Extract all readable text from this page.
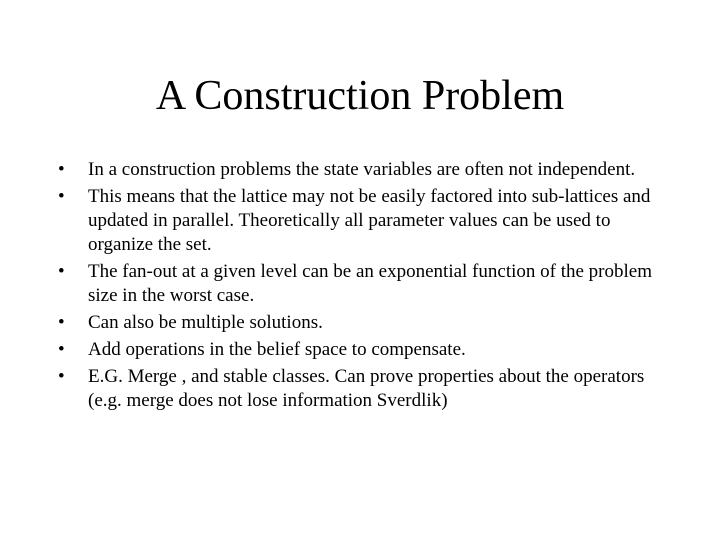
A Construction Problem
•	In a construction problems the state variables are often not independent.
•	This means that the lattice may not be easily factored into sub-lattices and updated in parallel. Theoretically all parameter values can be used to organize the set.
•	The fan-out at a given level can be an exponential function of the problem size in the worst case.
•	Can also be multiple solutions.
•	Add operations in the belief space to compensate.
•	E.G. Merge , and stable classes. Can prove properties about the operators (e.g. merge does not lose information Sverdlik)
